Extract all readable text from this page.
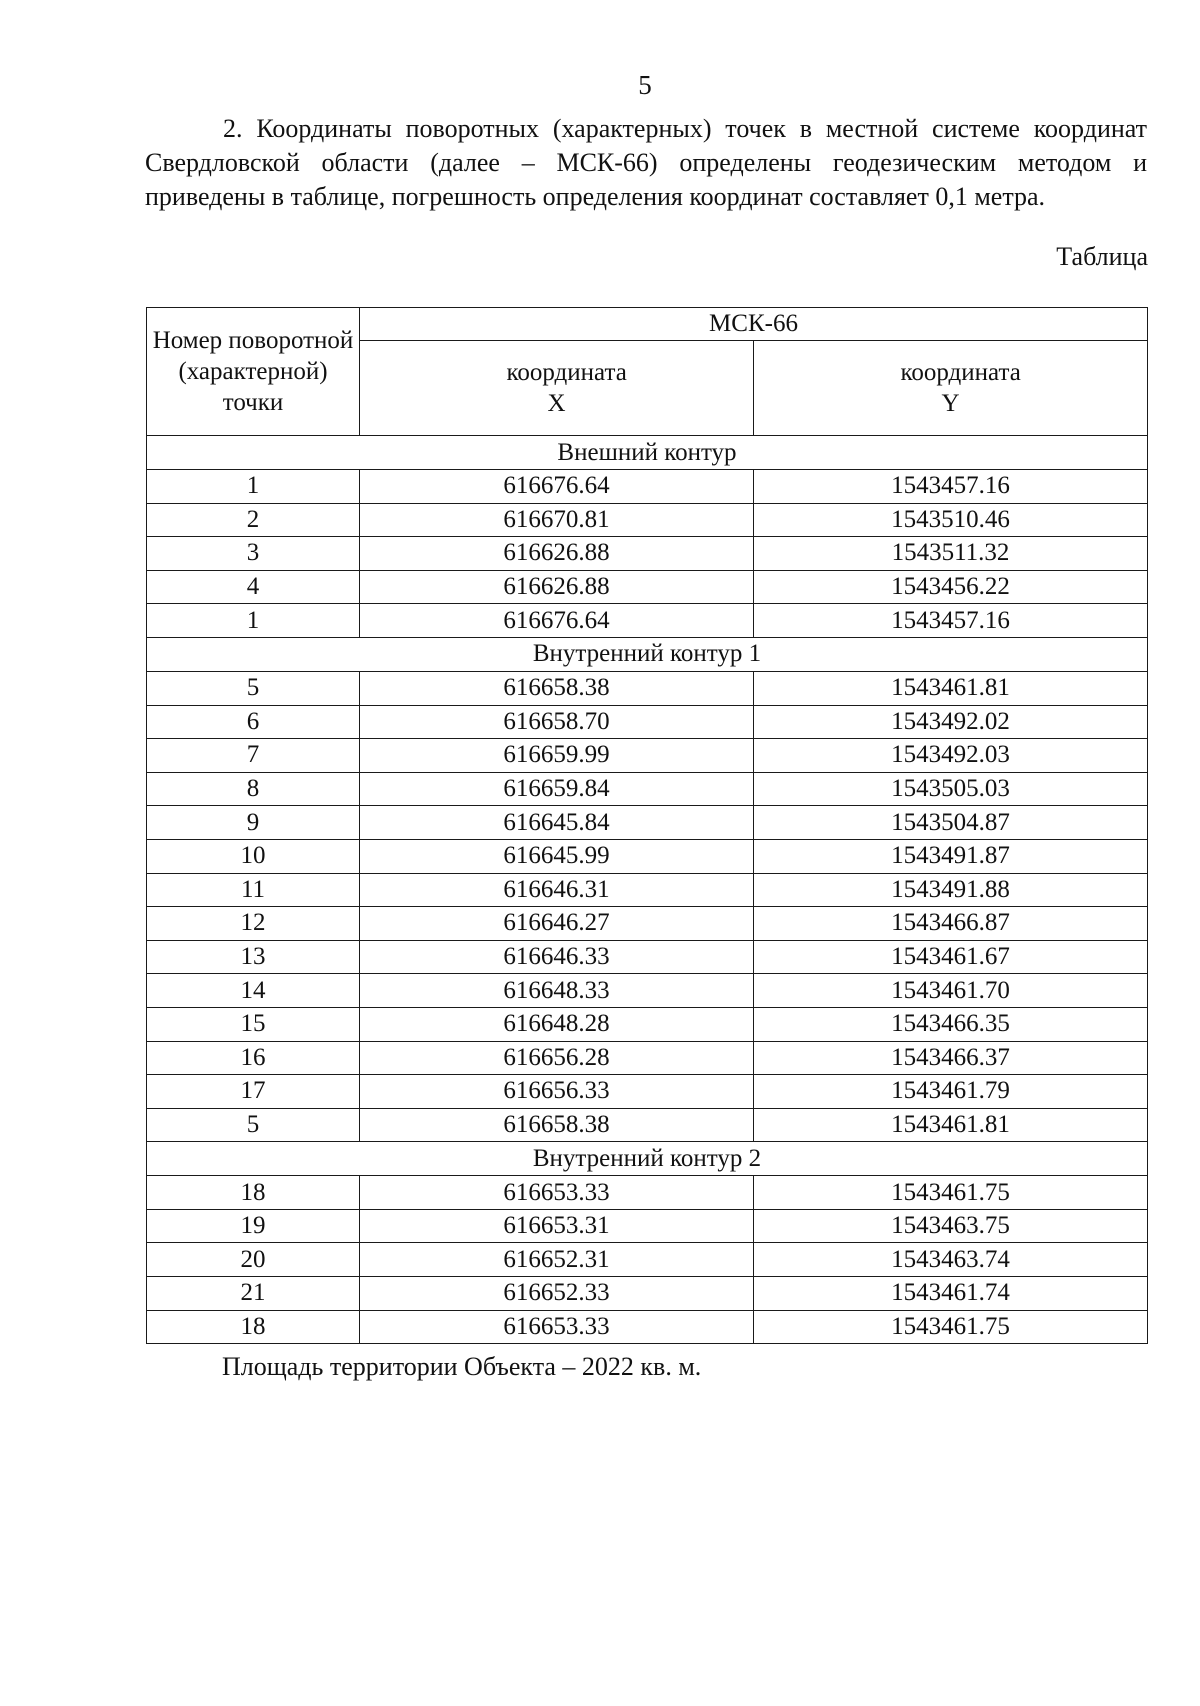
5

2. Координаты поворотных (характерных) точек в местной системе координат Свердловской области (далее – МСК-66) определены геодезическим методом и приведены в таблице, погрешность определения координат составляет 0,1 метра.

Таблица
Номер поворотной (характерной) точки	МСК-66	
	координата X	координата Y
Внешний контур		
1	616676.64	1543457.16
2	616670.81	1543510.46
3	616626.88	1543511.32
4	616626.88	1543456.22
1	616676.64	1543457.16
Внутренний контур 1		
5	616658.38	1543461.81
6	616658.70	1543492.02
7	616659.99	1543492.03
8	616659.84	1543505.03
9	616645.84	1543504.87
10	616645.99	1543491.87
11	616646.31	1543491.88
12	616646.27	1543466.87
13	616646.33	1543461.67
14	616648.33	1543461.70
15	616648.28	1543466.35
16	616656.28	1543466.37
17	616656.33	1543461.79
5	616658.38	1543461.81
Внутренний контур 2		
18	616653.33	1543461.75
19	616653.31	1543463.75
20	616652.31	1543463.74
21	616652.33	1543461.74
18	616653.33	1543461.75
Площадь территории Объекта – 2022 кв. м.
